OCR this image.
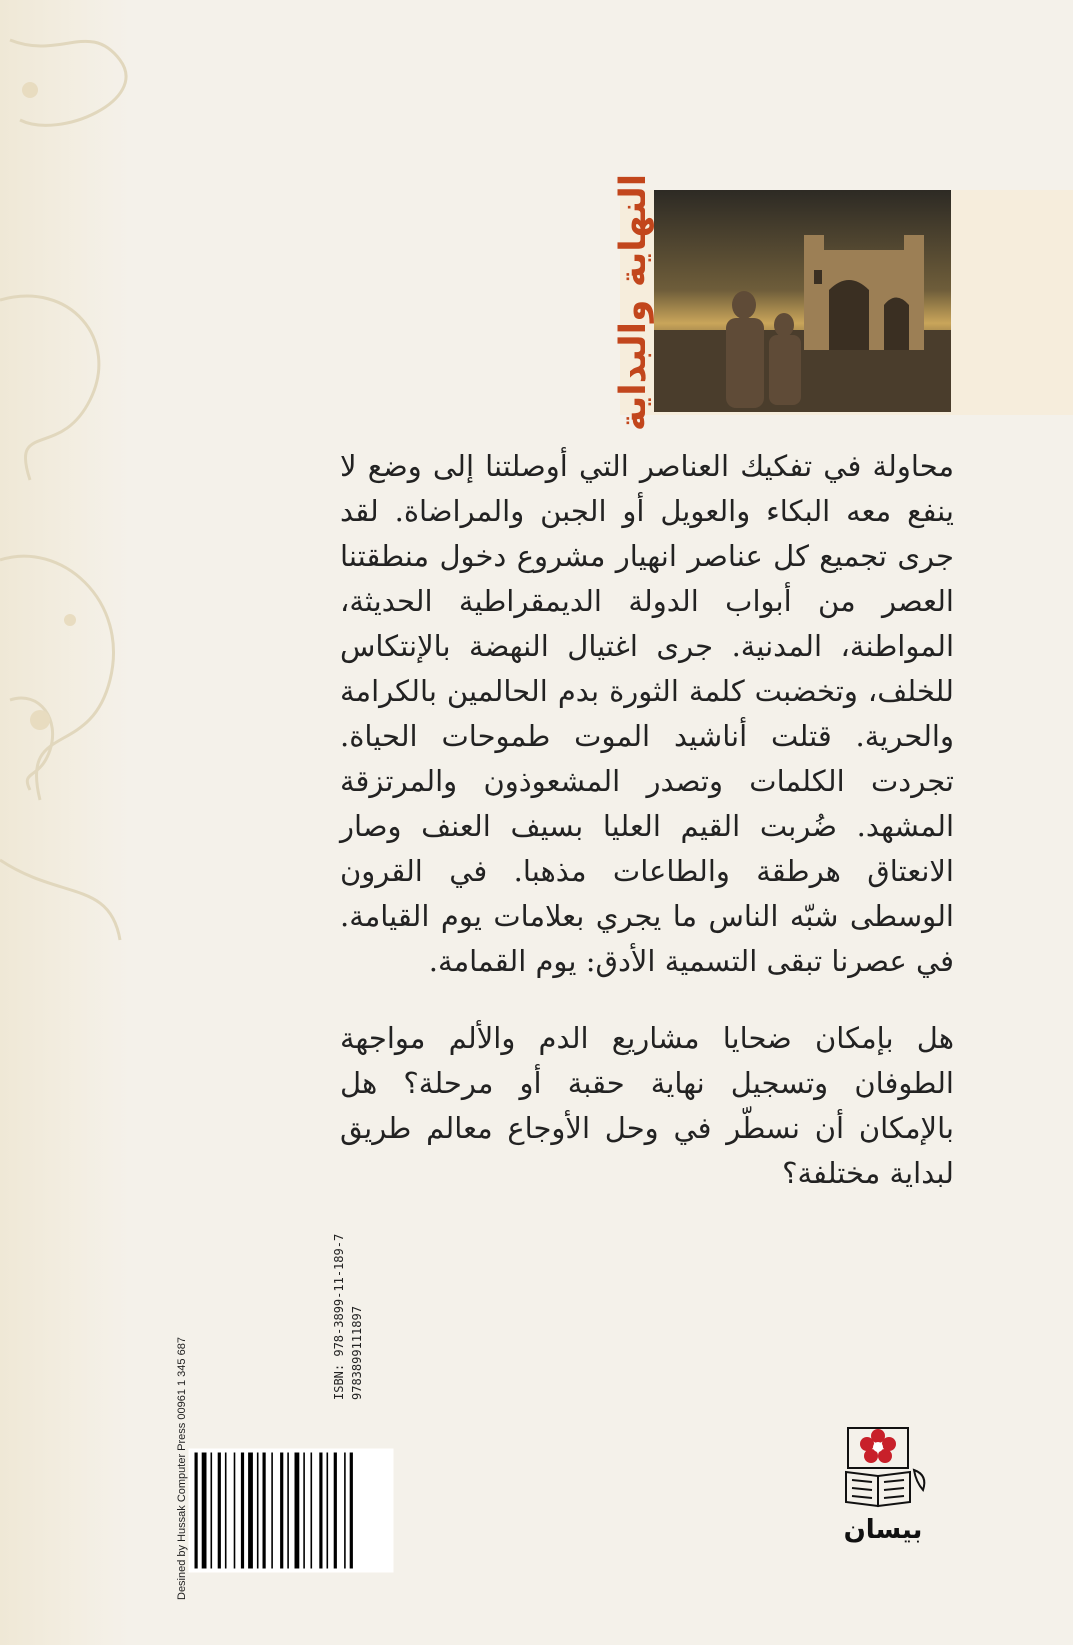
النهاية والبداية

محاولة في تفكيك العناصر التي أوصلتنا إلى وضع لا ينفع معه البكاء والعويل أو الجبن والمراضاة. لقد جرى تجميع كل عناصر انهيار مشروع دخول منطقتنا العصر من أبواب الدولة الديمقراطية الحديثة، المواطنة، المدنية. جرى اغتيال النهضة بالإنتكاس للخلف، وتخضبت كلمة الثورة بدم الحالمين بالكرامة والحرية. قتلت أناشيد الموت طموحات الحياة. تجردت الكلمات وتصدر المشعوذون والمرتزقة المشهد. ضُربت القيم العليا بسيف العنف وصار الانعتاق هرطقة والطاعات مذهبا. في القرون الوسطى شبّه الناس ما يجري بعلامات يوم القيامة. في عصرنا تبقى التسمية الأدق: يوم القمامة.

هل بإمكان ضحايا مشاريع الدم والألم مواجهة الطوفان وتسجيل نهاية حقبة أو مرحلة؟ هل بالإمكان أن نسطّر في وحل الأوجاع معالم طريق لبداية مختلفة؟

ISBN: 978-3899-11-189-7 9783899111897
Desined by Hussak Computer Press 00961 1 345 687	بيسان
